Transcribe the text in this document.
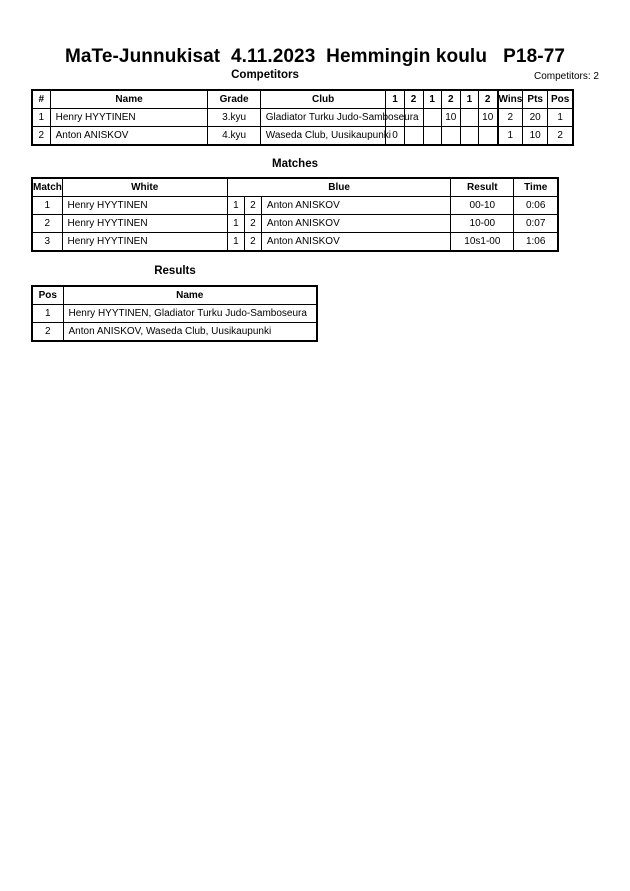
MaTe-Junnukisat  4.11.2023  Hemmingin koulu   P18-77
Competitors	Competitors: 2
#	Name	Grade	Club	1	2	1	2	1	2	Wins	Pts	Pos
1	Henry HYYTINEN	3.kyu	Gladiator Turku Judo-Samboseura				10		10	2	20	1
2	Anton ANISKOV	4.kyu	Waseda Club, Uusikaupunki	0						1	10	2
Matches
Match	White	Blue			Result	Time
1	Henry HYYTINEN	1	2	Anton ANISKOV	00-10	0:06
2	Henry HYYTINEN	1	2	Anton ANISKOV	10-00	0:07
3	Henry HYYTINEN	1	2	Anton ANISKOV	10s1-00	1:06
Results
Pos	Name
1	Henry HYYTINEN, Gladiator Turku Judo-Samboseura
2	Anton ANISKOV, Waseda Club, Uusikaupunki
